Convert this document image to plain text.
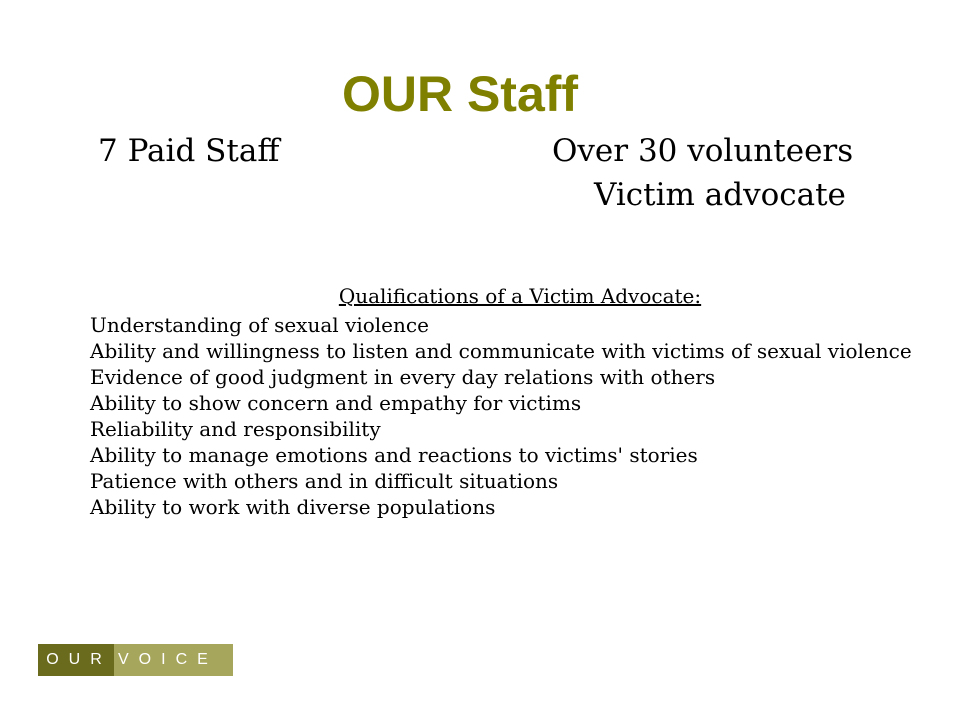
OUR Staff
7 Paid Staff	Over 30 volunteers
Victim advocate
Qualifications of a Victim Advocate:
Understanding of sexual violence
Ability and willingness to listen and communicate with victims of sexual violence
Evidence of good judgment in every day relations with others
Ability to show concern and empathy for victims
Reliability and responsibility
Ability to manage emotions and reactions to victims' stories
Patience with others and in difficult situations
Ability to work with diverse populations
OUR VOICE
